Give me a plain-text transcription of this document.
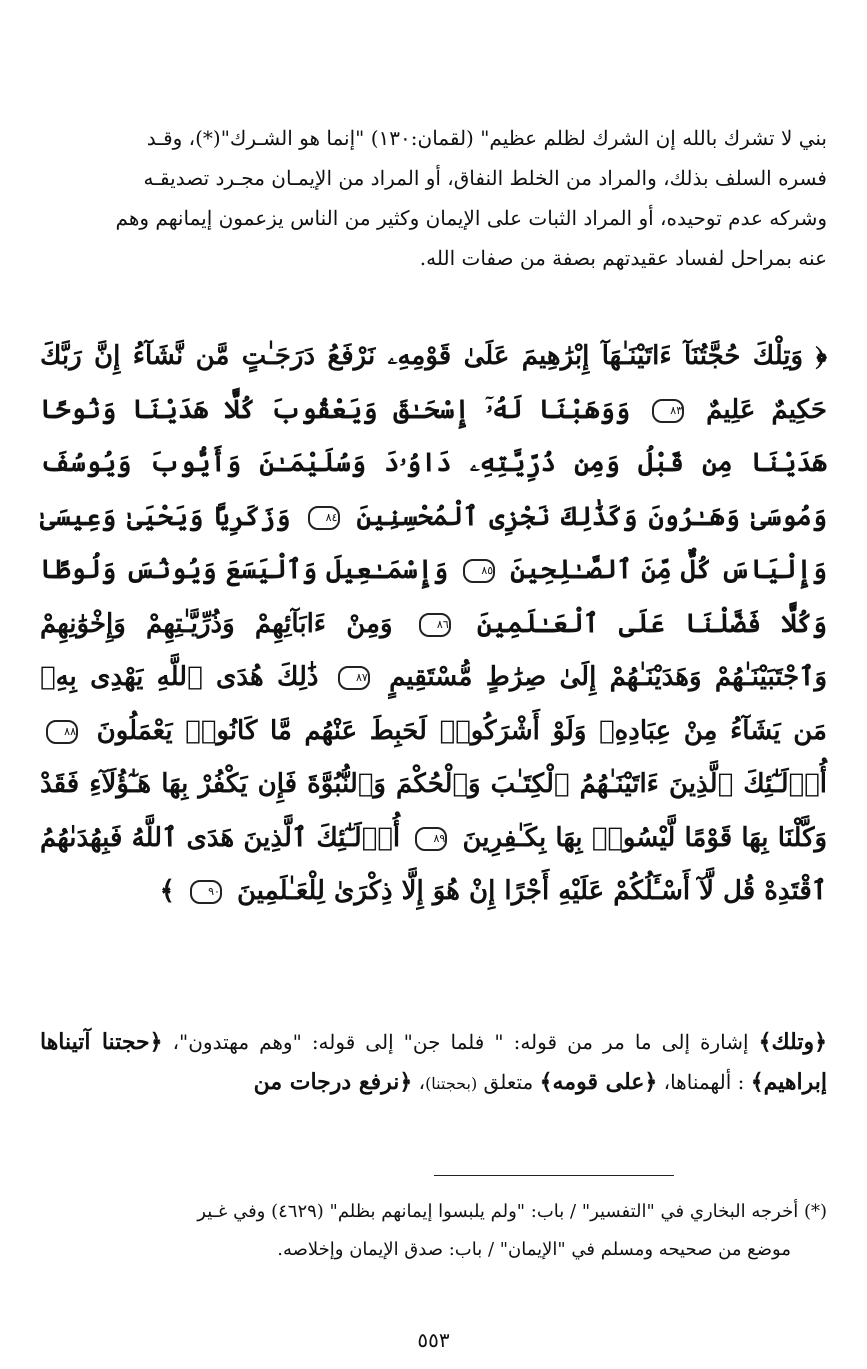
بني لا تشرك بالله إن الشرك لظلم عظيم" (لقمان:١٣٠) "إنما هو الشـرك"(*)، وقـد

فسره السلف بذلك، والمراد من الخلط النفاق، أو المراد من الإيمـان مجـرد تصديقـه

وشركه عدم توحيده، أو المراد الثبات على الإيمان وكثير من الناس يزعمون إيمانهم وهم

عنه بمراحل لفساد عقيدتهم بصفة من صفات الله.

﴿ وَتِلْكَ حُجَّتُنَآ ءَاتَيْنَـٰهَآ إِبْرَٰهِيمَ عَلَىٰ قَوْمِهِۦ نَرْفَعُ دَرَجَـٰتٍ مَّن نَّشَآءُ إِنَّ رَبَّكَ حَكِيمٌ عَلِيمٌ ٨٣ وَوَهَبْنَا لَهُۥٓ إِسْحَـٰقَ وَيَعْقُوبَ كُلًّا هَدَيْنَا وَنُوحًا هَدَيْنَا مِن قَبْلُ وَمِن ذُرِّيَّتِهِۦ دَاوُۥدَ وَسُلَيْمَـٰنَ وَأَيُّوبَ وَيُوسُفَ وَمُوسَىٰ وَهَـٰرُونَ وَكَذَٰلِكَ نَجْزِى ٱلْمُحْسِنِينَ ٨٤ وَزَكَرِيَّا وَيَحْيَىٰ وَعِيسَىٰ وَإِلْيَاسَ كُلٌّ مِّنَ ٱلصَّـٰلِحِينَ ٨٥ وَإِسْمَـٰعِيلَ وَٱلْيَسَعَ وَيُونُسَ وَلُوطًا وَكُلًّا فَضَّلْنَا عَلَى ٱلْعَـٰلَمِينَ ٨٦ وَمِنْ ءَابَآئِهِمْ وَذُرِّيَّـٰتِهِمْ وَإِخْوَٰنِهِمْ وَٱجْتَبَيْنَـٰهُمْ وَهَدَيْنَـٰهُمْ إِلَىٰ صِرَٰطٍ مُّسْتَقِيمٍ ٨٧ ذَٰلِكَ هُدَى ٱللَّهِ يَهْدِى بِهِۦ مَن يَشَآءُ مِنْ عِبَادِهِۦ وَلَوْ أَشْرَكُوا۟ لَحَبِطَ عَنْهُم مَّا كَانُوا۟ يَعْمَلُونَ ٨٨ أُو۟لَـٰٓئِكَ ٱلَّذِينَ ءَاتَيْنَـٰهُمُ ٱلْكِتَـٰبَ وَٱلْحُكْمَ وَٱلنُّبُوَّةَ فَإِن يَكْفُرْ بِهَا هَـٰٓؤُلَآءِ فَقَدْ وَكَّلْنَا بِهَا قَوْمًا لَّيْسُوا۟ بِهَا بِكَـٰفِرِينَ ٨٩ أُو۟لَـٰٓئِكَ ٱلَّذِينَ هَدَى ٱللَّهُ فَبِهُدَىٰهُمُ ٱقْتَدِهْ قُل لَّآ أَسْـَٔلُكُمْ عَلَيْهِ أَجْرًا إِنْ هُوَ إِلَّا ذِكْرَىٰ لِلْعَـٰلَمِينَ ٩٠ ﴾

﴿وتلك﴾ إشارة إلى ما مر من قوله: " فلما جن" إلى قوله: "وهم مهتدون"، ﴿حجتنا آتيناها إبراهيم﴾ : ألهمناها، ﴿على قومه﴾ متعلق (بحجتنا)، ﴿نرفع درجات من

(*) أخرجه البخاري في "التفسير" / باب: "ولم يلبسوا إيمانهم بظلم" (٤٦٢٩) وفي غـير

موضع من صحيحه ومسلم في "الإيمان" / باب: صدق الإيمان وإخلاصه.

٥٥٣
